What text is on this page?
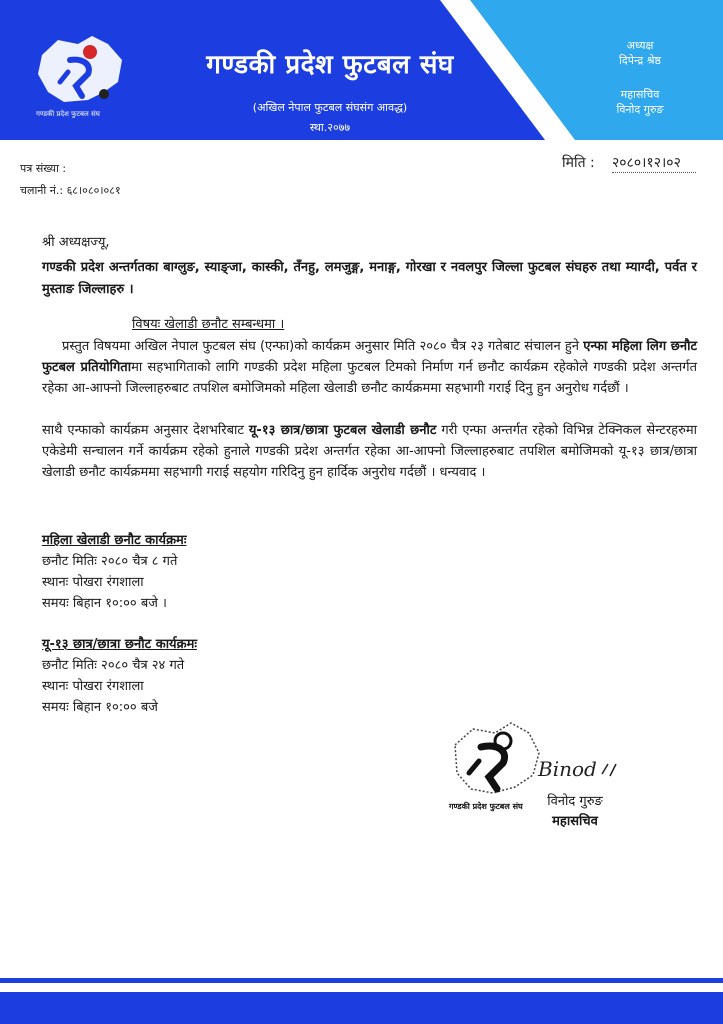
गण्डकी प्रदेश फुटबल संघ
गण्डकी प्रदेश फुटबल संघ
(अखिल नेपाल फुटबल संघसंग आवद्ध)
स्था.२०७७
अध्यक्ष
दिपेन्द्र श्रेष्ठ
महासचिव
विनोद गुरुङ
पत्र संख्या :
चलानी नं.: ६८।०८०।०८१
मिति : २०८०।१२।०२
श्री अध्यक्षज्यू,
गण्डकी प्रदेश अन्तर्गतका बाग्लुङ, स्याङ्जा, कास्की, तँनहु, लमजुङ्ग, मनाङ्ग, गोरखा र नवलपुर जिल्ला फुटबल संघहरु तथा म्याग्दी, पर्वत र मुस्ताङ जिल्लाहरु ।
विषयः खेलाडी छनौट सम्बन्धमा ।
प्रस्तुत विषयमा अखिल नेपाल फुटबल संघ (एन्फा)को कार्यक्रम अनुसार मिति २०८० चैत्र २३ गतेबाट संचालन हुने एन्फा महिला लिग छनौट फुटबल प्रतियोगितामा सहभागिताको लागि गण्डकी प्रदेश महिला फुटबल टिमको निर्माण गर्न छनौट कार्यक्रम रहेकोले गण्डकी प्रदेश अन्तर्गत रहेका आ-आफ्नो जिल्लाहरुबाट तपशिल बमोजिमको महिला खेलाडी छनौट कार्यक्रममा सहभागी गराई दिनु हुन अनुरोध गर्दछौं ।
साथै एन्फाको कार्यक्रम अनुसार देशभरिबाट यू-१३ छात्र/छात्रा फुटबल खेलाडी छनौट गरी एन्फा अन्तर्गत रहेको विभिन्न टेक्निकल सेन्टरहरुमा एकेडेमी सन्चालन गर्ने कार्यक्रम रहेको हुनाले गण्डकी प्रदेश अन्तर्गत रहेका आ-आफ्नो जिल्लाहरुबाट तपशिल बमोजिमको यू-१३ छात्र/छात्रा खेलाडी छनौट कार्यक्रममा सहभागी गराई सहयोग गरिदिनु हुन हार्दिक अनुरोध गर्दछौं । धन्यवाद ।
महिला खेलाडी छनौट कार्यक्रमः
छनौट मितिः २०८० चैत्र ८ गते
स्थानः पोखरा रंगशाला
समयः बिहान १०:०० बजे ।
यू-१३ छात्र/छात्रा छनौट कार्यक्रमः
छनौट मितिः २०८० चैत्र २४ गते
स्थानः पोखरा रंगशाला
समयः बिहान १०:०० बजे
गण्डकी प्रदेश फुटबल संघ
Binod
विनोद गुरुङ
महासचिव
